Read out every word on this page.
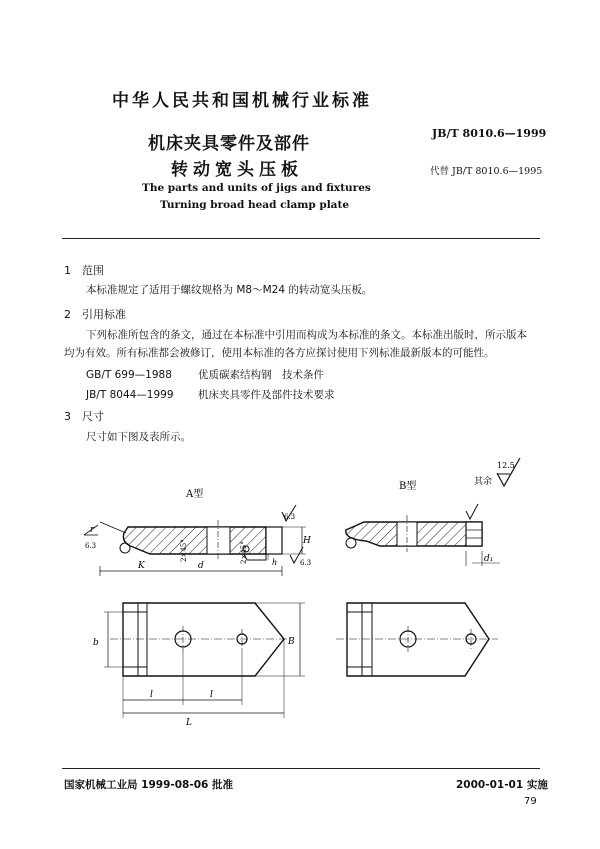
中华人民共和国机械行业标准
机床夹具零件及部件
转动宽头压板
The parts and units of jigs and fixtures
Turning broad head clamp plate
JB/T 8010.6—1999
代替 JB/T 8010.6—1995
1 范围
本标准规定了适用于螺纹规格为 M8～M24 的转动宽头压板。
2 引用标准
下列标准所包含的条文，通过在本标准中引用而构成为本标准的条文。本标准出版时，所示版本
均为有效。所有标准都会被修订，使用本标准的各方应探讨使用下列标准最新版本的可能性。
GB/T 699—1988 优质碳素结构钢　技术条件
JB/T 8044—1999 机床夹具零件及部件技术要求
3 尺寸
尺寸如下图及表所示。
其余
12.5
A型
B型
r
6.3
K	d
2×45°	2×45°	h
H
6.3
6.3	d₁
b	B
l	l
L
国家机械工业局 1999-08-06 批准	2000-01-01 实施
79
